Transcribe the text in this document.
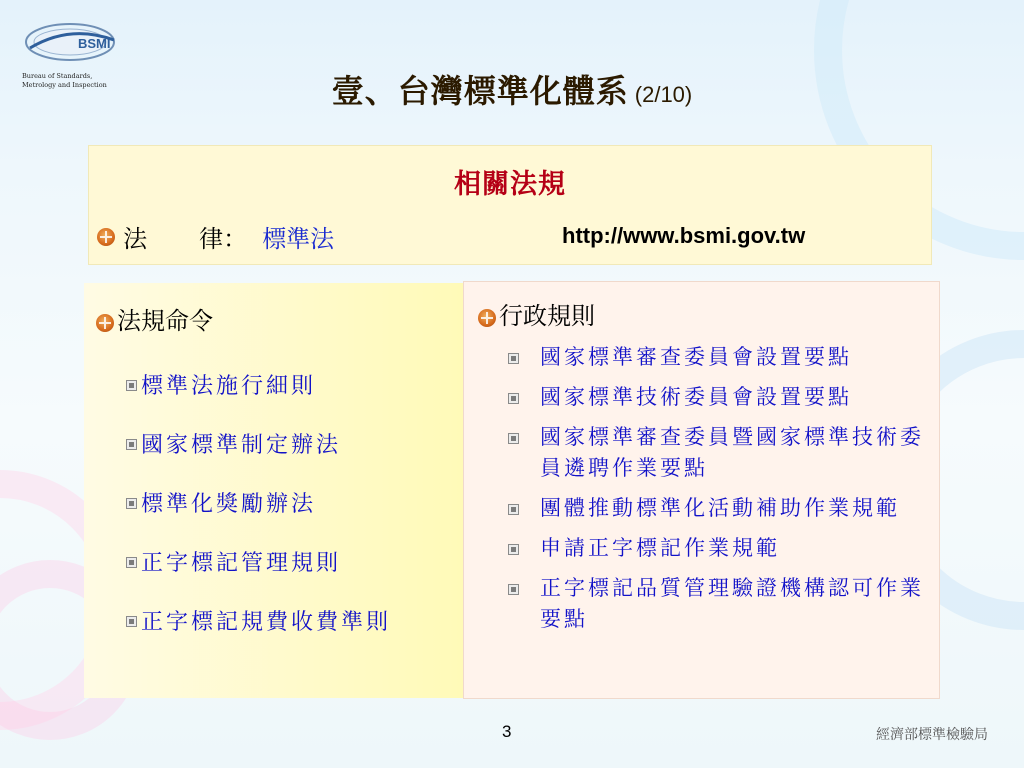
BSMI
Bureau of Standards,
Metrology and Inspection	壹、台灣標準化體系 (2/10)
相關法規
法 律： 標準法	http://www.bsmi.gov.tw
法規命令
標準法施行細則
國家標準制定辦法
標準化獎勵辦法
正字標記管理規則
正字標記規費收費準則
行政規則
國家標準審查委員會設置要點
國家標準技術委員會設置要點
國家標準審查委員暨國家標準技術委員遴聘作業要點
團體推動標準化活動補助作業規範
申請正字標記作業規範
正字標記品質管理驗證機構認可作業要點
3	經濟部標準檢驗局
